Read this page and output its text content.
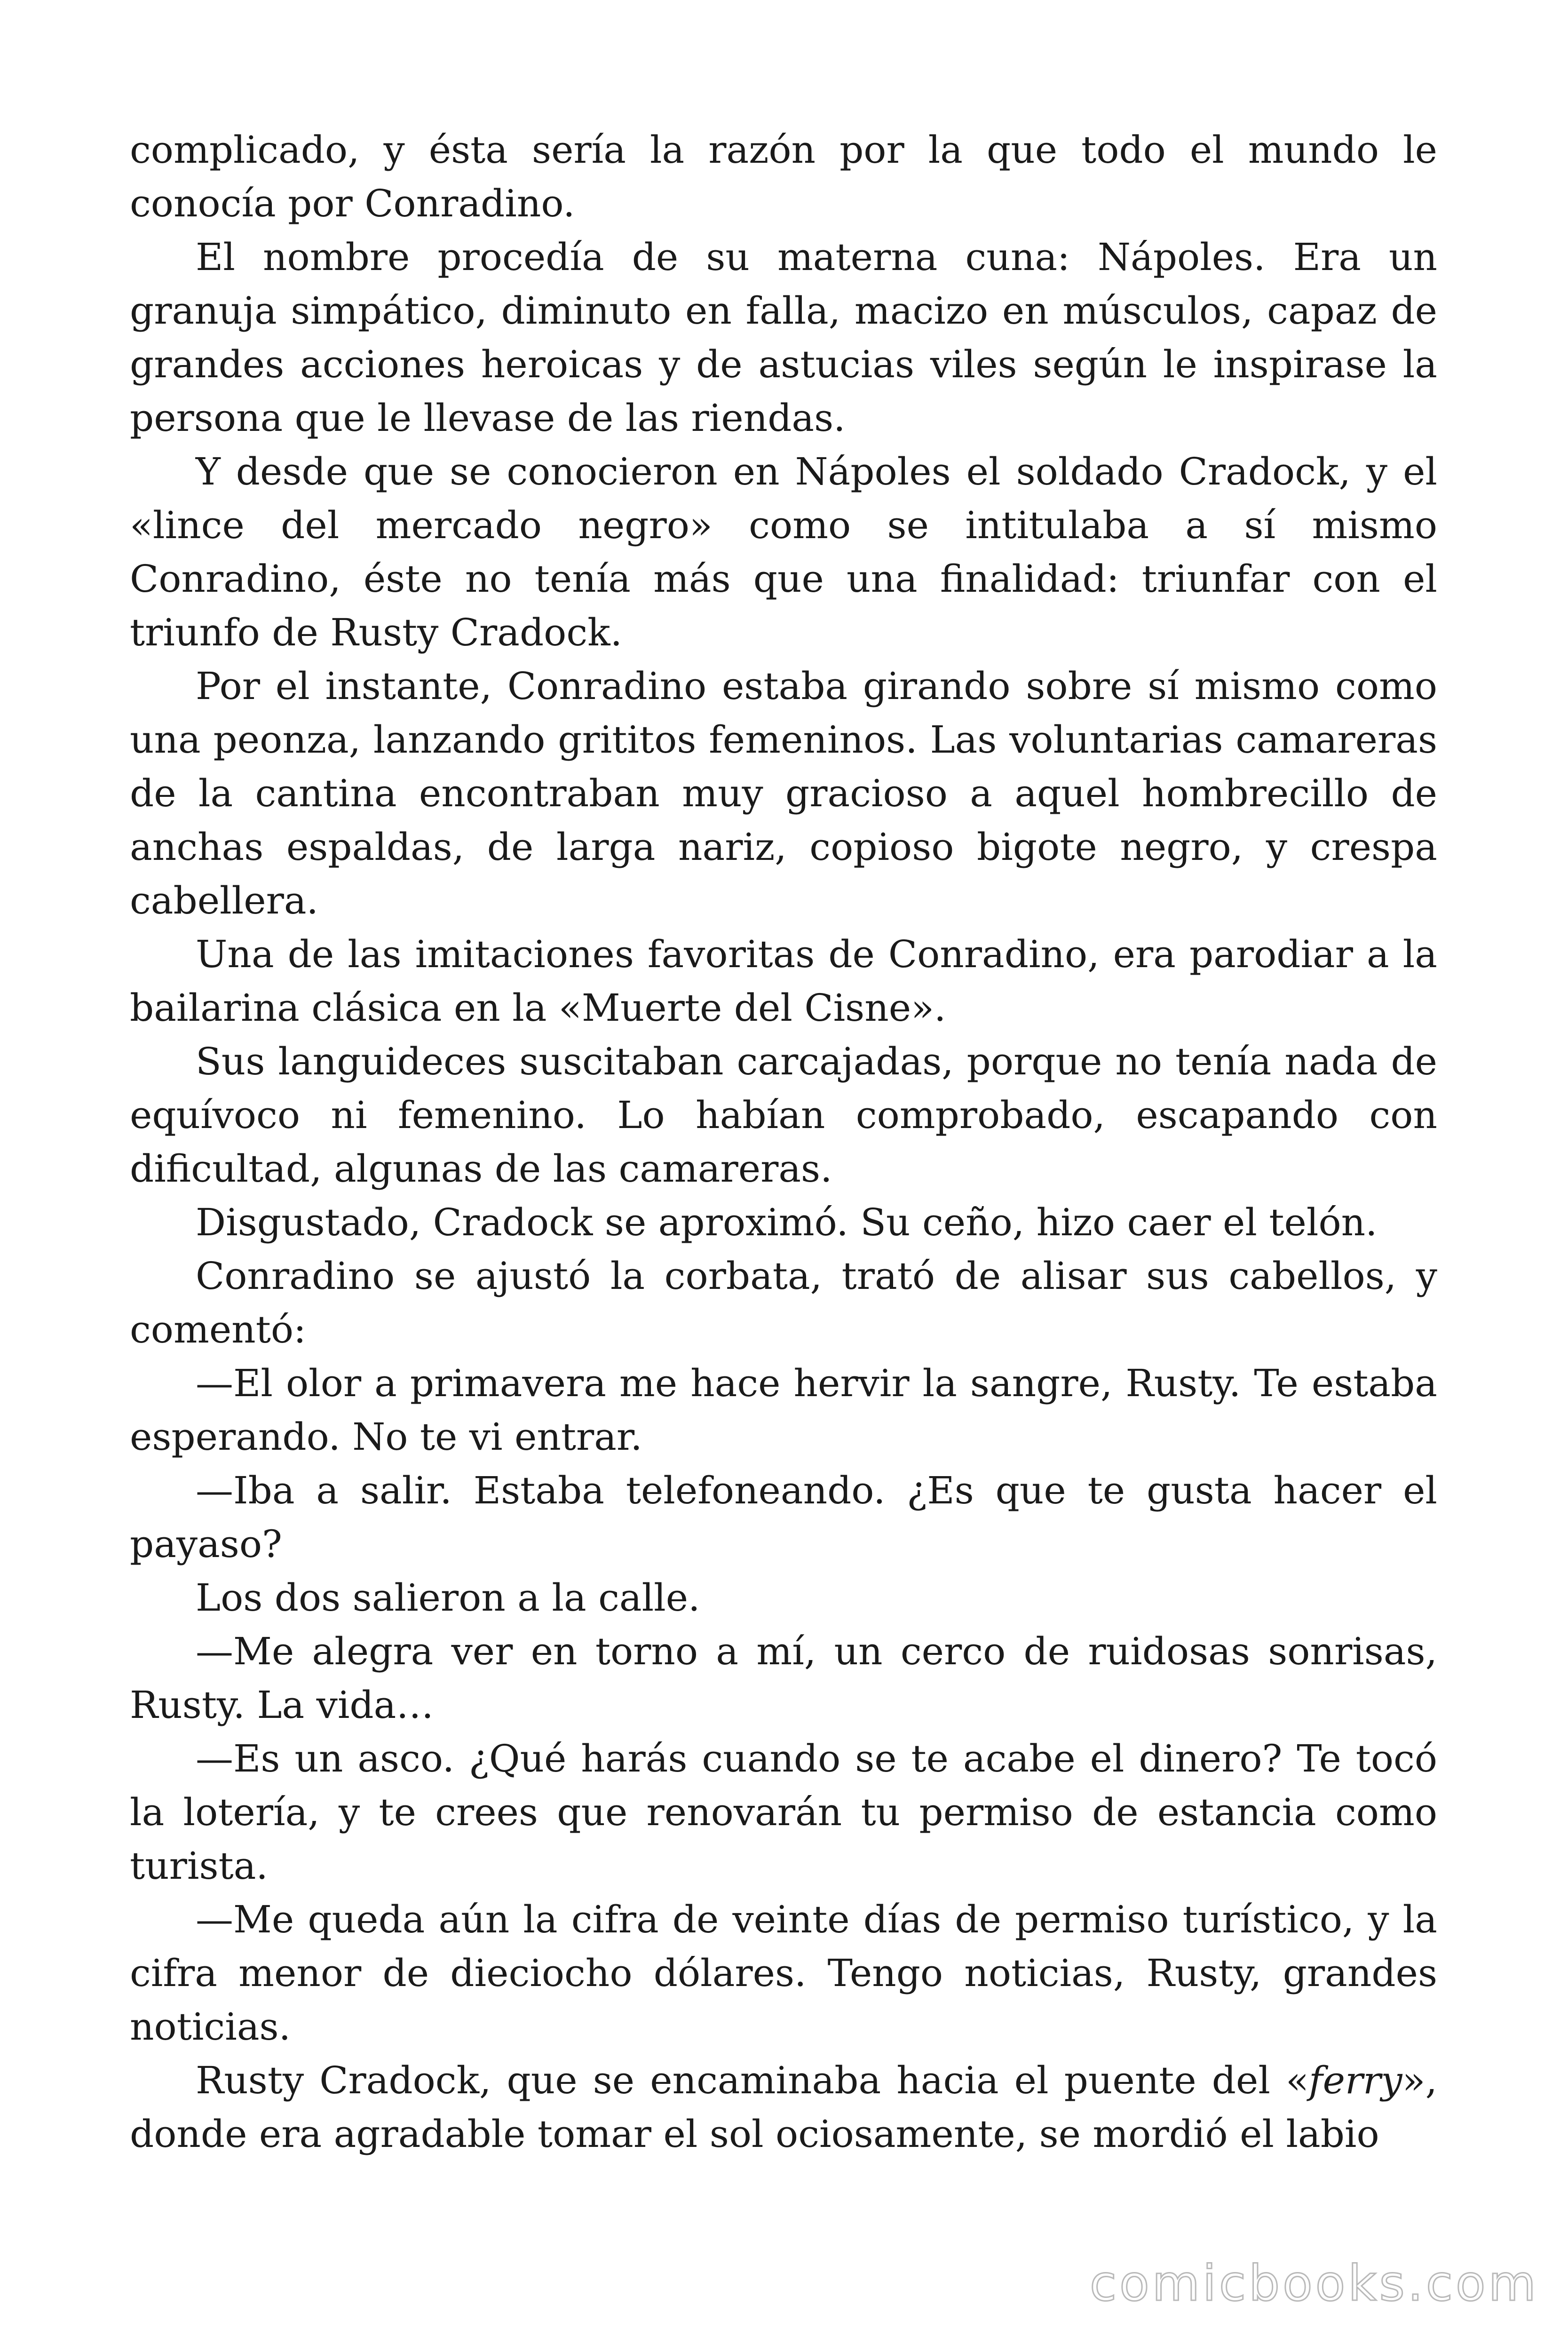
complicado, y ésta sería la razón por la que todo el mundo le conocía por Conradino.

El nombre procedía de su materna cuna: Nápoles. Era un granuja simpático, diminuto en falla, macizo en músculos, capaz de grandes acciones heroicas y de astucias viles según le inspirase la persona que le llevase de las riendas.

Y desde que se conocieron en Nápoles el soldado Cradock, y el «lince del mercado negro» como se intitulaba a sí mismo Conradino, éste no tenía más que una finalidad: triunfar con el triunfo de Rusty Cradock.

Por el instante, Conradino estaba girando sobre sí mismo como una peonza, lanzando grititos femeninos. Las voluntarias camareras de la cantina encontraban muy gracioso a aquel hombrecillo de anchas espaldas, de larga nariz, copioso bigote negro, y crespa cabellera.

Una de las imitaciones favoritas de Conradino, era parodiar a la bailarina clásica en la «Muerte del Cisne».

Sus languideces suscitaban carcajadas, porque no tenía nada de equívoco ni femenino. Lo habían comprobado, escapando con dificultad, algunas de las camareras.

Disgustado, Cradock se aproximó. Su ceño, hizo caer el telón.

Conradino se ajustó la corbata, trató de alisar sus cabellos, y comentó:

—El olor a primavera me hace hervir la sangre, Rusty. Te estaba esperando. No te vi entrar.

—Iba a salir. Estaba telefoneando. ¿Es que te gusta hacer el payaso?

Los dos salieron a la calle.

—Me alegra ver en torno a mí, un cerco de ruidosas sonrisas, Rusty. La vida…

—Es un asco. ¿Qué harás cuando se te acabe el dinero? Te tocó la lotería, y te crees que renovarán tu permiso de estancia como turista.

—Me queda aún la cifra de veinte días de permiso turístico, y la cifra menor de dieciocho dólares. Tengo noticias, Rusty, grandes noticias.

Rusty Cradock, que se encaminaba hacia el puente del «ferry», donde era agradable tomar el sol ociosamente, se mordió el labio

comicbooks.com
